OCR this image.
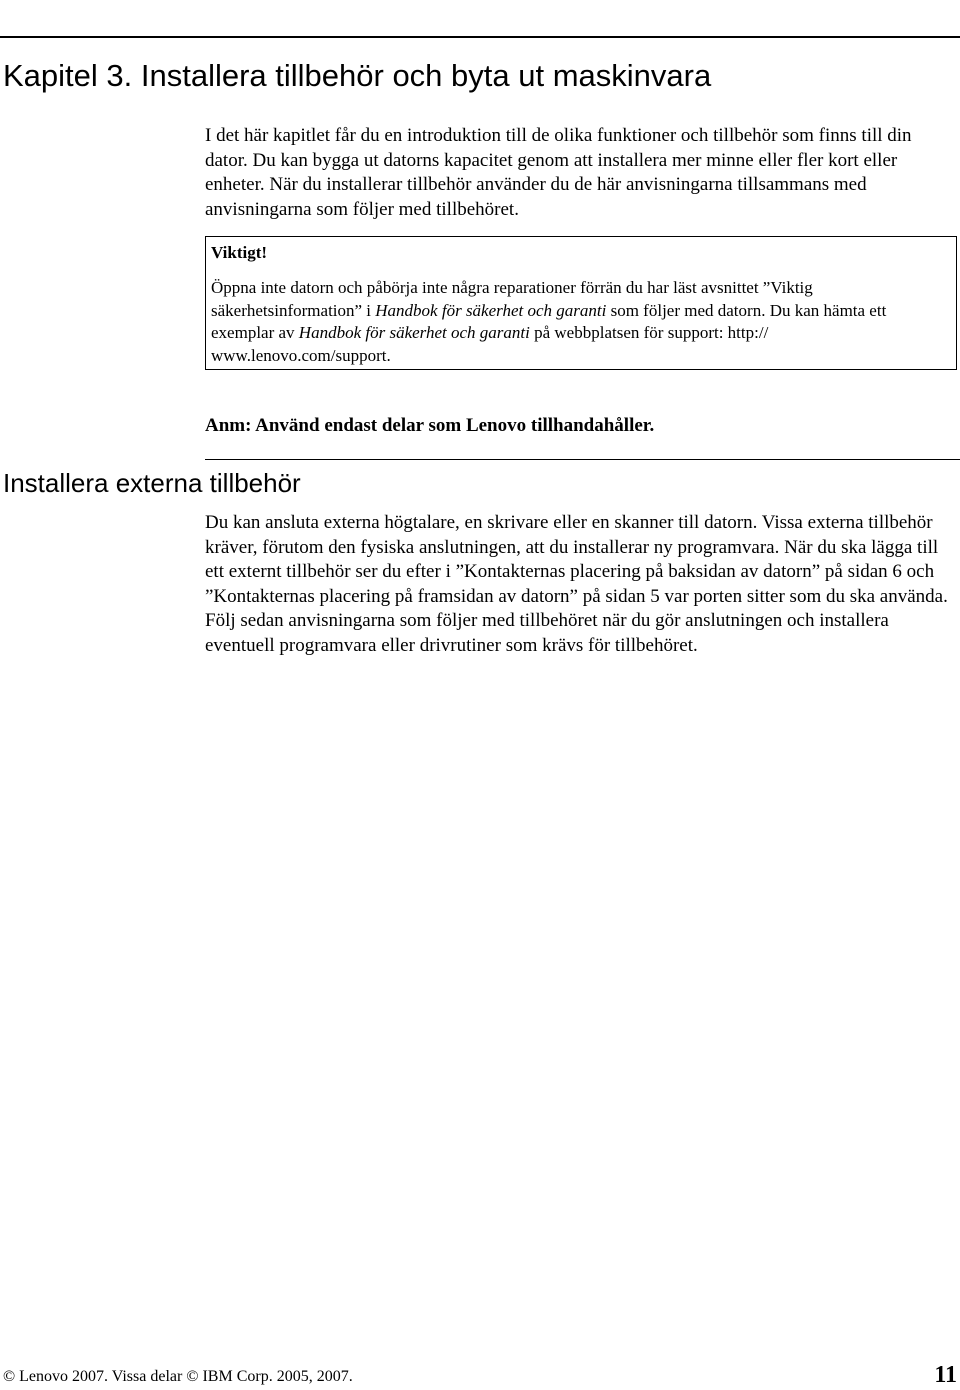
Kapitel 3. Installera tillbehör och byta ut maskinvara

I det här kapitlet får du en introduktion till de olika funktioner och tillbehör som finns till din dator. Du kan bygga ut datorns kapacitet genom att installera mer minne eller fler kort eller enheter. När du installerar tillbehör använder du de här anvisningarna tillsammans med anvisningarna som följer med tillbehöret.

Viktigt!

Öppna inte datorn och påbörja inte några reparationer förrän du har läst avsnittet ”Viktig säkerhetsinformation” i Handbok för säkerhet och garanti som följer med datorn. Du kan hämta ett exemplar av Handbok för säkerhet och garanti på webbplatsen för support: http://​www.lenovo.com/support.

Anm: Använd endast delar som Lenovo tillhandahåller.

Installera externa tillbehör

Du kan ansluta externa högtalare, en skrivare eller en skanner till datorn. Vissa externa tillbehör kräver, förutom den fysiska anslutningen, att du installerar ny programvara. När du ska lägga till ett externt tillbehör ser du efter i ”Kontakternas placering på baksidan av datorn” på sidan 6 och ”Kontakternas placering på framsidan av datorn” på sidan 5 var porten sitter som du ska använda. Följ sedan anvisningarna som följer med tillbehöret när du gör anslutningen och installera eventuell programvara eller drivrutiner som krävs för tillbehöret.

© Lenovo 2007. Vissa delar © IBM Corp. 2005, 2007.	11
